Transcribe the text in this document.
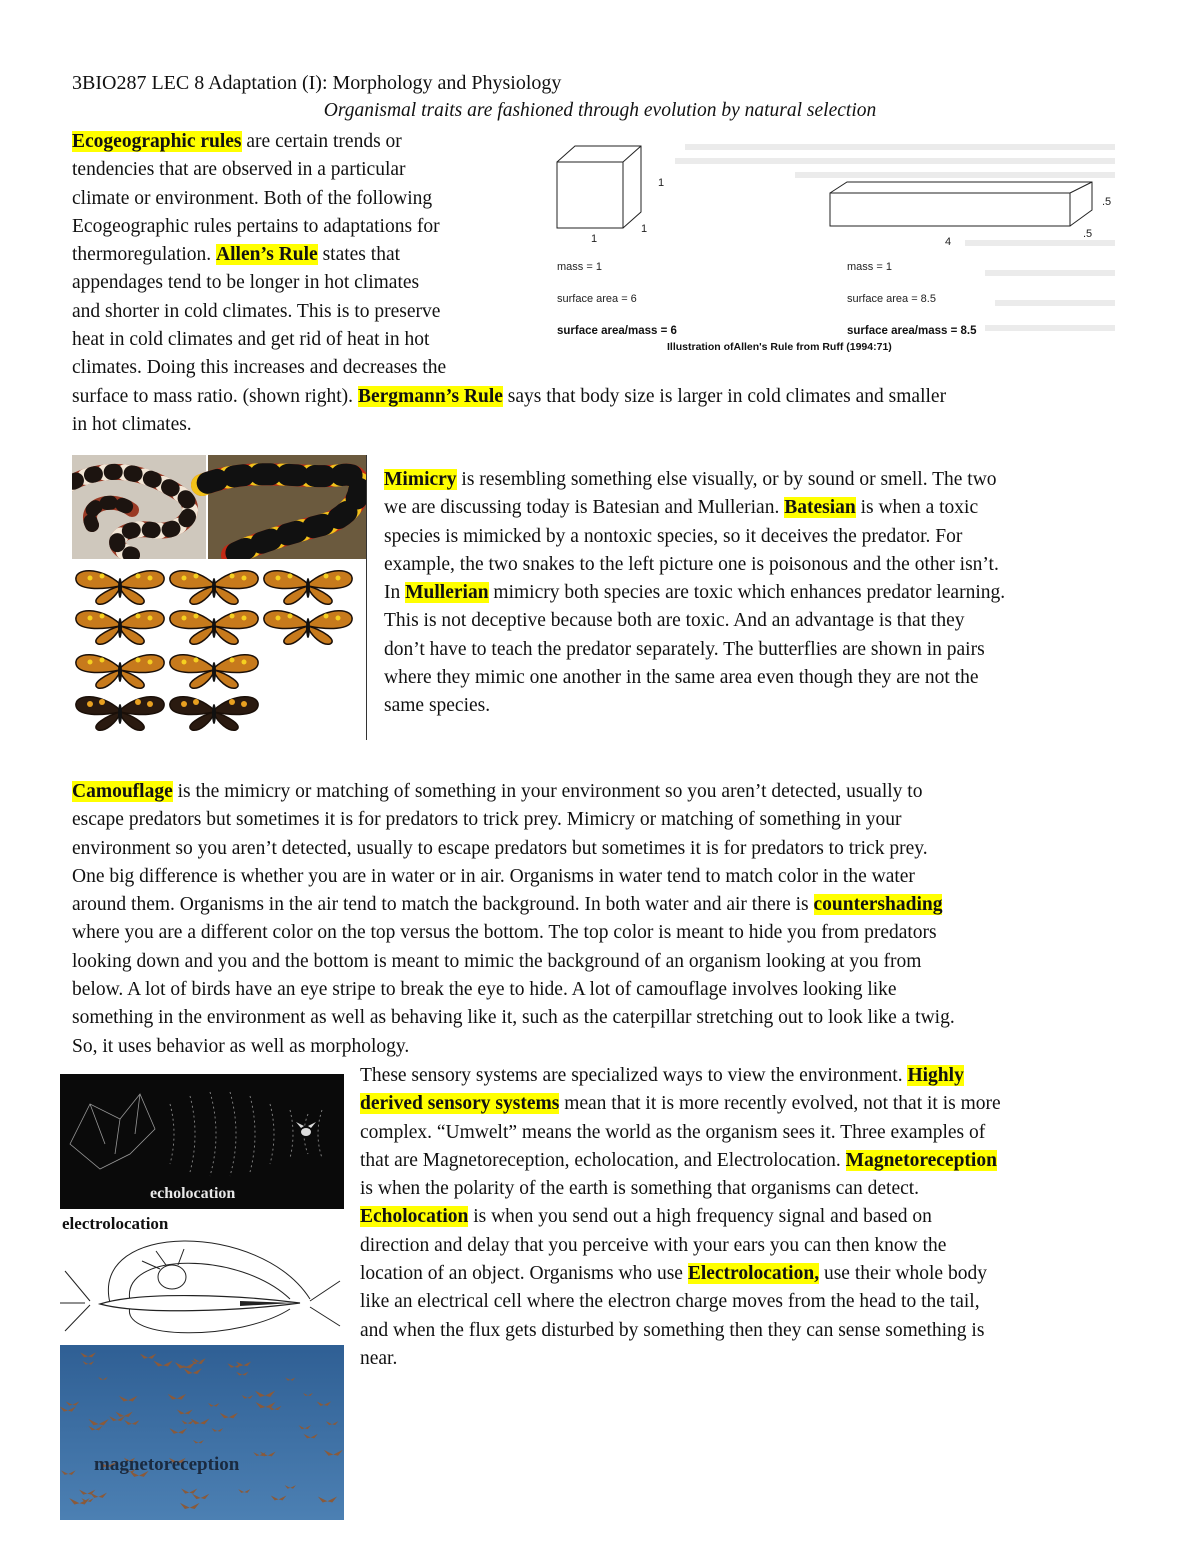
3BIO287 LEC 8 Adaptation (I): Morphology and Physiology
Organismal traits are fashioned through evolution by natural selection
Ecogeographic rules are certain trends or
tendencies that are observed in a particular
climate or environment. Both of the following
Ecogeographic rules pertains to adaptations for
thermoregulation. Allen’s Rule states that
appendages tend to be longer in hot climates
and shorter in cold climates. This is to preserve
heat in cold climates and get rid of heat in hot
climates. Doing this increases and decreases the
surface to mass ratio. (shown right). Bergmann’s Rule says that body size is larger in cold climates and smaller
in hot climates.
1
1
1
.5
.5
4
mass = 1
surface area = 6
surface area/mass = 6
mass = 1
surface area = 8.5
surface area/mass = 8.5
Illustration ofAllen's Rule from Ruff (1994:71)
Mimicry is resembling something else visually, or by sound or smell. The two
we are discussing today is Batesian and Mullerian. Batesian is when a toxic
species is mimicked by a nontoxic species, so it deceives the predator. For
example, the two snakes to the left picture one is poisonous and the other isn’t.
In Mullerian mimicry both species are toxic which enhances predator learning.
This is not deceptive because both are toxic. And an advantage is that they
don’t have to teach the predator separately. The butterflies are shown in pairs
where they mimic one another in the same area even though they are not the
same species.
Camouflage is the mimicry or matching of something in your environment so you aren’t detected, usually to
escape predators but sometimes it is for predators to trick prey. Mimicry or matching of something in your
environment so you aren’t detected, usually to escape predators but sometimes it is for predators to trick prey.
One big difference is whether you are in water or in air. Organisms in water tend to match color in the water
around them. Organisms in the air tend to match the background. In both water and air there is countershading
where you are a different color on the top versus the bottom. The top color is meant to hide you from predators
looking down and you and the bottom is meant to mimic the background of an organism looking at you from
below. A lot of birds have an eye stripe to break the eye to hide. A lot of camouflage involves looking like
something in the environment as well as behaving like it, such as the caterpillar stretching out to look like a twig.
So, it uses behavior as well as morphology.
echolocation
electrolocation
magnetoreception
These sensory systems are specialized ways to view the environment. Highly
derived sensory systems mean that it is more recently evolved, not that it is more
complex. “Umwelt” means the world as the organism sees it. Three examples of
that are Magnetoreception, echolocation, and Electrolocation. Magnetoreception
is when the polarity of the earth is something that organisms can detect.
Echolocation is when you send out a high frequency signal and based on
direction and delay that you perceive with your ears you can then know the
location of an object. Organisms who use Electrolocation, use their whole body
like an electrical cell where the electron charge moves from the head to the tail,
and when the flux gets disturbed by something then they can sense something is
near.
